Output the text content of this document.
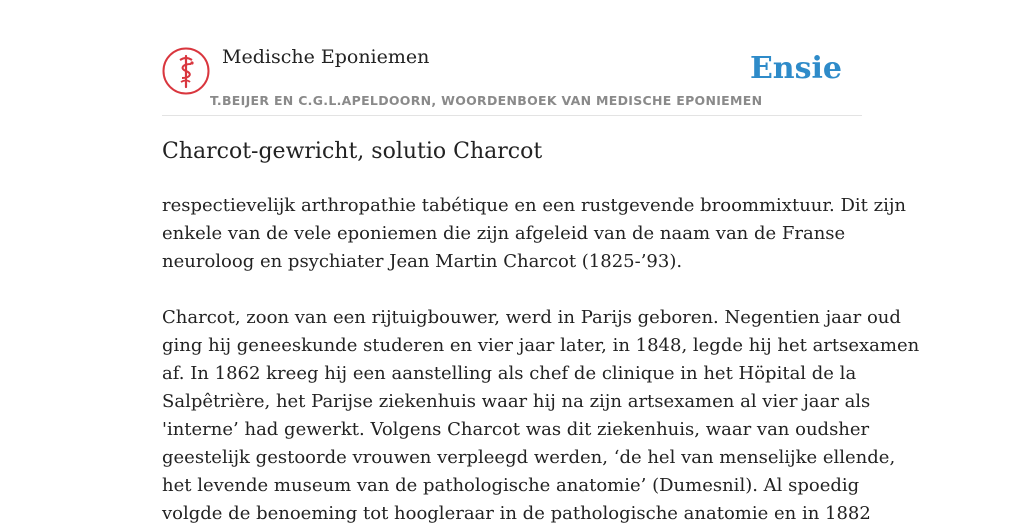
Medische Eponiemen
T.BEIJER EN C.G.L.APELDOORN, WOORDENBOEK VAN MEDISCHE EPONIEMEN
Ensie
Charcot-gewricht, solutio Charcot

respectievelijk arthropathie tabétique en een rustgevende broommixtuur. Dit zijn
enkele van de vele eponiemen die zijn afgeleid van de naam van de Franse
neuroloog en psychiater Jean Martin Charcot (1825-’93).

Charcot, zoon van een rijtuigbouwer, werd in Parijs geboren. Negentien jaar oud
ging hij geneeskunde studeren en vier jaar later, in 1848, legde hij het artsexamen
af. In 1862 kreeg hij een aanstelling als chef de clinique in het Höpital de la
Salpêtrière, het Parijse ziekenhuis waar hij na zijn artsexamen al vier jaar als
'interne’ had gewerkt. Volgens Charcot was dit ziekenhuis, waar van oudsher
geestelijk gestoorde vrouwen verpleegd werden, ‘de hel van menselijke ellende,
het levende museum van de pathologische anatomie’ (Dumesnil). Al spoedig
volgde de benoeming tot hoogleraar in de pathologische anatomie en in 1882
